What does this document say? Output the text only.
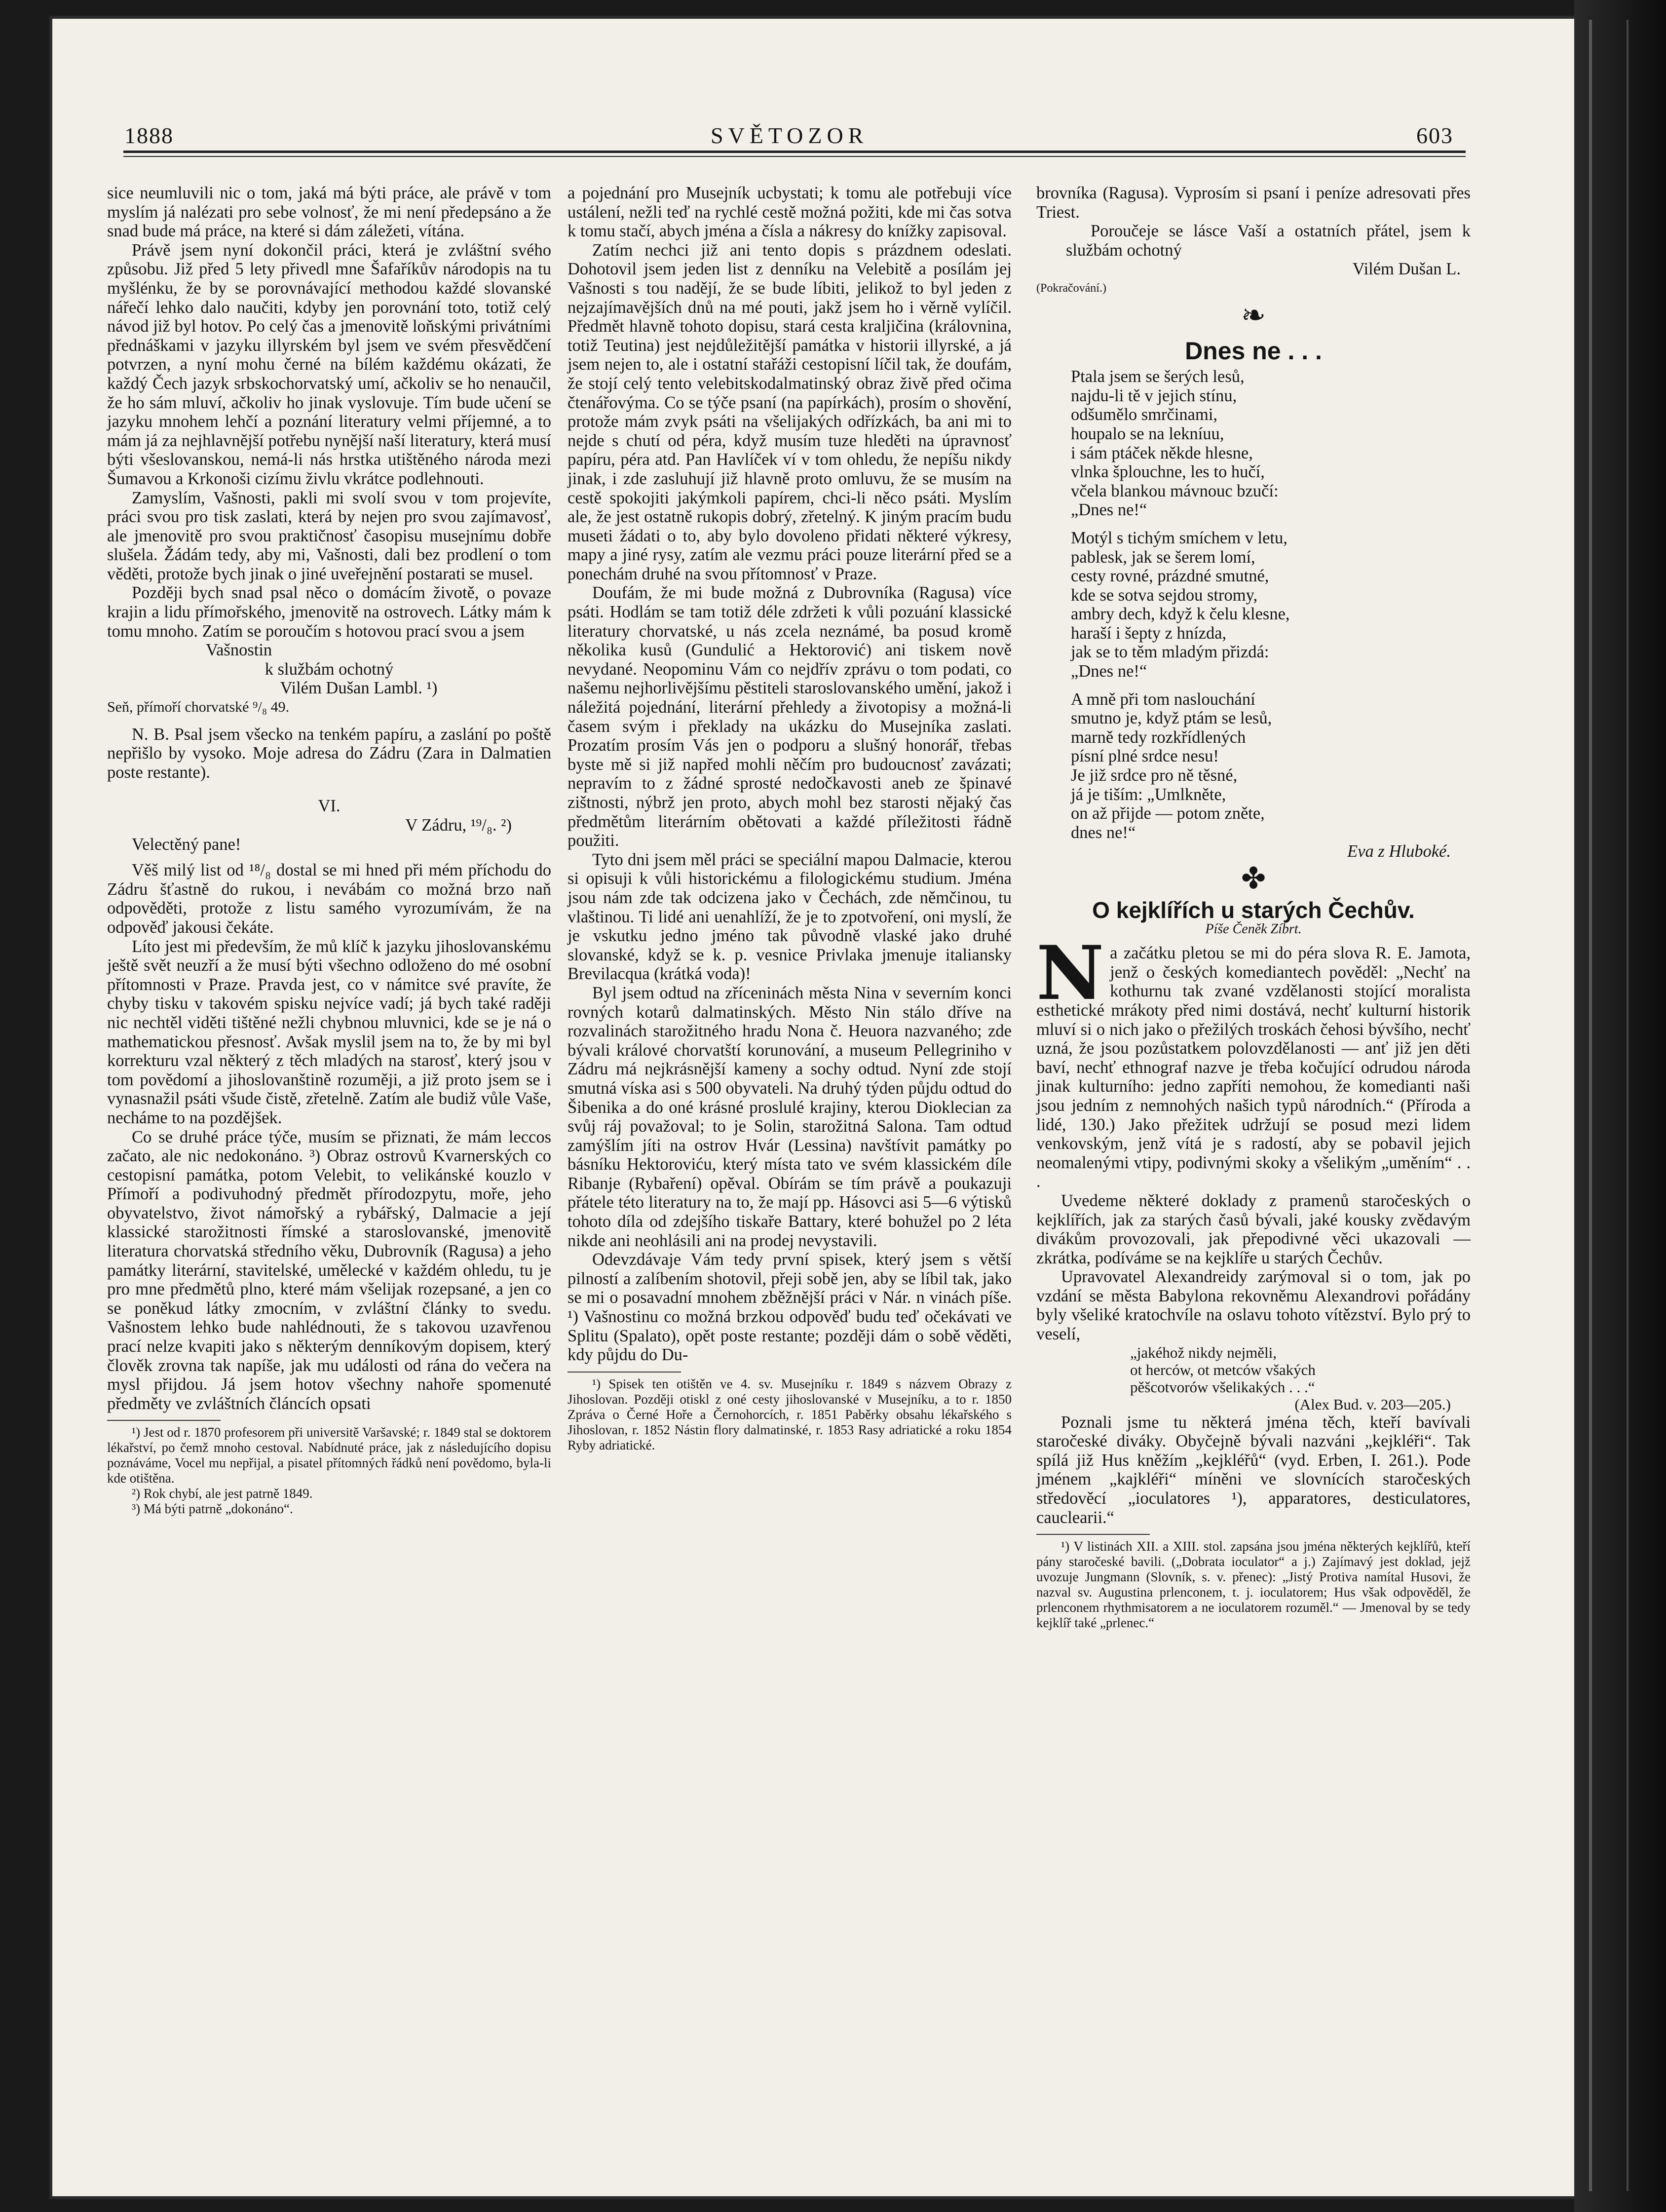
1888	SVĚTOZOR	603

sice neumluvili nic o tom, jaká má býti práce, ale právě v tom myslím já nalézati pro sebe volnosť, že mi není předepsáno a že snad bude má práce, na které si dám záležeti, vítána.

Právě jsem nyní dokončil práci, která je zvláštní svého způsobu. Již před 5 lety přivedl mne Šafaříkův národopis na tu myšlénku, že by se porovnávající methodou každé slovanské nářečí lehko dalo naučiti, kdyby jen porovnání toto, totiž celý návod již byl hotov. Po celý čas a jmenovitě loňskými privátními přednáškami v jazyku illyrském byl jsem ve svém přesvědčení potvrzen, a nyní mohu černé na bílém každému okázati, že každý Čech jazyk srbskochorvatský umí, ačkoliv se ho nenaučil, že ho sám mluví, ačkoliv ho jinak vyslovuje. Tím bude učení se jazyku mnohem lehčí a poznání literatury velmi příjemné, a to mám já za nejhlavnější potřebu nynější naší literatury, která musí býti všeslovanskou, nemá-li nás hrstka utištěného národa mezi Šumavou a Krkonoši cizímu živlu vkrátce podlehnouti.

Zamyslím, Vašnosti, pakli mi svolí svou v tom projevíte, práci svou pro tisk zaslati, která by nejen pro svou zajímavosť, ale jmenovitě pro svou praktičnosť časopisu musejnímu dobře slušela. Žádám tedy, aby mi, Vašnosti, dali bez prodlení o tom věděti, protože bych jinak o jiné uveřejnění postarati se musel.

Později bych snad psal něco o domácím životě, o povaze krajin a lidu přímořského, jmenovitě na ostrovech. Látky mám k tomu mnoho. Zatím se poroučím s hotovou prací svou a jsem

Vašnostin

k službám ochotný

Vilém Dušan Lambl. ¹)

Seň, přímoří chorvatské ⁹/₈ 49.

N. B. Psal jsem všecko na tenkém papíru, a zaslání po poště nepřišlo by vysoko. Moje adresa do Zádru (Zara in Dalmatien poste restante).

VI.

V Zádru, ¹⁹/₈. ²)

Velectěný pane!

Věš milý list od ¹⁸/₈ dostal se mi hned při mém příchodu do Zádru šťastně do rukou, i nevábám co možná brzo naň odpověděti, protože z listu samého vyrozumívám, že na odpověď jakousi čekáte.

Líto jest mi především, že mů klíč k jazyku jihoslovanskému ještě svět neuzří a že musí býti všechno odloženo do mé osobní přítomnosti v Praze. Pravda jest, co v námitce své pravíte, že chyby tisku v takovém spisku nejvíce vadí; já bych také raději nic nechtěl viděti tištěné nežli chybnou mluvnici, kde se je ná o mathematickou přesnosť. Avšak myslil jsem na to, že by mi byl korrekturu vzal některý z těch mladých na starosť, který jsou v tom povědomí a jihoslovanštině rozuměji, a již proto jsem se i vynasnažil psáti všude čistě, zřetelně. Zatím ale budiž vůle Vaše, necháme to na pozdějšek.

Co se druhé práce týče, musím se přiznati, že mám leccos začato, ale nic nedokonáno. ³) Obraz ostrovů Kvarnerských co cestopisní památka, potom Velebit, to velikánské kouzlo v Přímoří a podivuhodný předmět přírodozpytu, moře, jeho obyvatelstvo, život námořský a rybářský, Dalmacie a její klassické starožitnosti římské a staroslovanské, jmenovitě literatura chorvatská středního věku, Dubrovník (Ragusa) a jeho památky literární, stavitelské, umělecké v každém ohledu, tu je pro mne předmětů plno, které mám všelijak rozepsané, a jen co se poněkud látky zmocním, v zvláštní články to svedu. Vašnostem lehko bude nahlédnouti, že s takovou uzavřenou prací nelze kvapiti jako s některým denníkovým dopisem, který člověk zrovna tak napíše, jak mu události od rána do večera na mysl přijdou. Já jsem hotov všechny nahoře spomenuté předměty ve zvláštních článcích opsati

¹) Jest od r. 1870 profesorem při universitě Varšavské; r. 1849 stal se doktorem lékařství, po čemž mnoho cestoval. Nabídnuté práce, jak z následujícího dopisu poznáváme, Vocel mu nepřijal, a pisatel přítomných řádků není povědomo, byla-li kde otištěna.

²) Rok chybí, ale jest patrně 1849.

³) Má býti patrně „dokonáno“.

a pojednání pro Musejník ucbystati; k tomu ale potřebuji více ustálení, nežli teď na rychlé cestě možná požiti, kde mi čas sotva k tomu stačí, abych jména a čísla a nákresy do knížky zapisoval.

Zatím nechci již ani tento dopis s prázdnem odeslati. Dohotovil jsem jeden list z denníku na Velebitě a posílám jej Vašnosti s tou nadějí, že se bude líbiti, jelikož to byl jeden z nejzajímavějších dnů na mé pouti, jakž jsem ho i věrně vylíčil. Předmět hlavně tohoto dopisu, stará cesta kraljičina (královnina, totiž Teutina) jest nejdůležitější památka v historii illyrské, a já jsem nejen to, ale i ostatní stařáži cestopisní líčil tak, že doufám, že stojí celý tento velebitskodalmatinský obraz živě před očima čtenářovýma. Co se týče psaní (na papírkách), prosím o shovění, protože mám zvyk psáti na všelijakých odřízkách, ba ani mi to nejde s chutí od péra, když musím tuze hleděti na úpravnosť papíru, péra atd. Pan Havlíček ví v tom ohledu, že nepíšu nikdy jinak, i zde zasluhují již hlavně proto omluvu, že se musím na cestě spokojiti jakýmkoli papírem, chci-li něco psáti. Myslím ale, že jest ostatně rukopis dobrý, zřetelný. K jiným pracím budu museti žádati o to, aby bylo dovoleno přidati některé výkresy, mapy a jiné rysy, zatím ale vezmu práci pouze literární před se a ponechám druhé na svou přítomnosť v Praze.

Doufám, že mi bude možná z Dubrovníka (Ragusa) více psáti. Hodlám se tam totiž déle zdržeti k vůli pozuání klassické literatury chorvatské, u nás zcela neznámé, ba posud kromě několika kusů (Gundulić a Hektorović) ani tiskem nově nevydané. Neopominu Vám co nejdřív zprávu o tom podati, co našemu nejhorlivějšímu pěstiteli staroslovanského umění, jakož i náležitá pojednání, literární přehledy a životopisy a možná-li časem svým i překlady na ukázku do Musejníka zaslati. Prozatím prosím Vás jen o podporu a slušný honorář, třebas byste mě si již napřed mohli něčím pro budoucnosť zavázati; nepravím to z žádné sprosté nedočkavosti aneb ze špinavé zištnosti, nýbrž jen proto, abych mohl bez starosti nějaký čas předmětům literárním obětovati a každé příležitosti řádně použiti.

Tyto dni jsem měl práci se speciální mapou Dalmacie, kterou si opisuji k vůli historickému a filologickému studium. Jména jsou nám zde tak odcizena jako v Čechách, zde němčinou, tu vlaštinou. Ti lidé ani uenahlíží, že je to zpotvoření, oni myslí, že je vskutku jedno jméno tak původně vlaské jako druhé slovanské, když se k. p. vesnice Privlaka jmenuje italiansky Brevilacqua (krátká voda)!

Byl jsem odtud na zříceninách města Nina v severním konci rovných kotarů dalmatinských. Město Nin stálo dříve na rozvalinách starožitného hradu Nona č. Heuora nazvaného; zde bývali králové chorvatští korunování, a museum Pellegriniho v Zádru má nejkrásnější kameny a sochy odtud. Nyní zde stojí smutná víska asi s 500 obyvateli. Na druhý týden půjdu odtud do Šibenika a do oné krásné proslulé krajiny, kterou Dioklecian za svůj ráj považoval; to je Solin, starožitná Salona. Tam odtud zamýšlím jíti na ostrov Hvár (Lessina) navštívit památky po básníku Hektoroviću, který místa tato ve svém klassickém díle Ribanje (Rybaření) opěval. Obírám se tím právě a poukazuji přátele této literatury na to, že mají pp. Hásovci asi 5—6 výtisků tohoto díla od zdejšího tiskaře Battary, které bohužel po 2 léta nikde ani neohlásili ani na prodej nevystavili.

Odevzdávaje Vám tedy první spisek, který jsem s větší pilností a zalíbením shotovil, přeji sobě jen, aby se líbil tak, jako se mi o posavadní mnohem zběžnější práci v Nár. n vinách píše. ¹) Vašnostinu co možná brzkou odpověď budu teď očekávati ve Splitu (Spalato), opět poste restante; později dám o sobě věděti, kdy půjdu do Du-

¹) Spisek ten otištěn ve 4. sv. Musejníku r. 1849 s názvem Obrazy z Jihoslovan. Později otiskl z oné cesty jihoslovanské v Musejníku, a to r. 1850 Zpráva o Černé Hoře a Černohorcích, r. 1851 Paběrky obsahu lékařského s Jihoslovan, r. 1852 Nástin flory dalmatinské, r. 1853 Rasy adriatické a roku 1854 Ryby adriatické.

brovníka (Ragusa). Vyprosím si psaní i peníze adresovati přes Triest.

Poroučeje se lásce Vaší a ostatních přátel, jsem k službám ochotný

Vilém Dušan L.

(Pokračování.)

❧
Dnes ne . . .
Ptala jsem se šerých lesů,
najdu-li tě v jejich stínu,
odšumělo smrčinami,
houpalo se na lekníuu,
i sám ptáček někde hlesne,
vlnka šplouchne, les to hučí,
včela blankou mávnouc bzučí:
„Dnes ne!“
Motýl s tichým smíchem v letu,
pablesk, jak se šerem lomí,
cesty rovné, prázdné smutné,
kde se sotva sejdou stromy,
ambry dech, když k čelu klesne,
haraší i šepty z hnízda,
jak se to těm mladým přizdá:
„Dnes ne!“
A mně při tom naslouchání
smutno je, když ptám se lesů,
marně tedy rozkřídlených
písní plné srdce nesu!
Je již srdce pro ně těsné,
já je tiším: „Umlkněte,
on až přijde — potom zněte,
dnes ne!“

Eva z Hluboké.

✤
O kejklířích u starých Čechův.

Píše Čeněk Zíbrt.

Na začátku pletou se mi do péra slova R. E. Jamota, jenž o českých komediantech pověděl: „Nechť na kothurnu tak zvané vzdělanosti stojící moralista esthetické mrákoty před nimi dostává, nechť kulturní historik mluví si o nich jako o přežilých troskách čehosi bývšího, nechť uzná, že jsou pozůstatkem polovzdělanosti — anť již jen děti baví, nechť ethnograf nazve je třeba kočující odrudou národa jinak kulturního: jedno zapříti nemohou, že komedianti naši jsou jedním z nemnohých našich typů národních.“ (Příroda a lidé, 130.) Jako přežitek udržují se posud mezi lidem venkovským, jenž vítá je s radostí, aby se pobavil jejich neomalenými vtipy, podivnými skoky a všelikým „uměním“ . . .

Uvedeme některé doklady z pramenů staročeských o kejklířích, jak za starých časů bývali, jaké kousky zvědavým divákům provozovali, jak přepodivné věci ukazovali — zkrátka, podíváme se na kejklíře u starých Čechův.

Upravovatel Alexandreidy zarýmoval si o tom, jak po vzdání se města Babylona rekovněmu Alexandrovi pořádány byly všeliké kratochvíle na oslavu tohoto vítězství. Bylo prý to veselí,

„jakéhož nikdy nejměli,
ot herców, ot metców všakých
pěšcotvorów všelikakých . . .“
(Alex Bud. v. 203—205.)

Poznali jsme tu některá jména těch, kteří bavívali staročeské diváky. Obyčejně bývali nazváni „kejkléři“. Tak spílá již Hus kněžím „kejkléřů“ (vyd. Erben, I. 261.). Pode jménem „kajkléři“ míněni ve slovnících staročeských středověcí „ioculatores ¹), apparatores, desticulatores, cauclearii.“

¹) V listinách XII. a XIII. stol. zapsána jsou jména některých kejklířů, kteří pány staročeské bavili. („Dobrata ioculator“ a j.) Zajímavý jest doklad, jejž uvozuje Jungmann (Slovník, s. v. přenec): „Jistý Protiva namítal Husovi, že nazval sv. Augustina prlenconem, t. j. ioculatorem; Hus však odpověděl, že prlenconem rhythmisatorem a ne ioculatorem rozuměl.“ — Jmenoval by se tedy kejklíř také „prlenec.“
